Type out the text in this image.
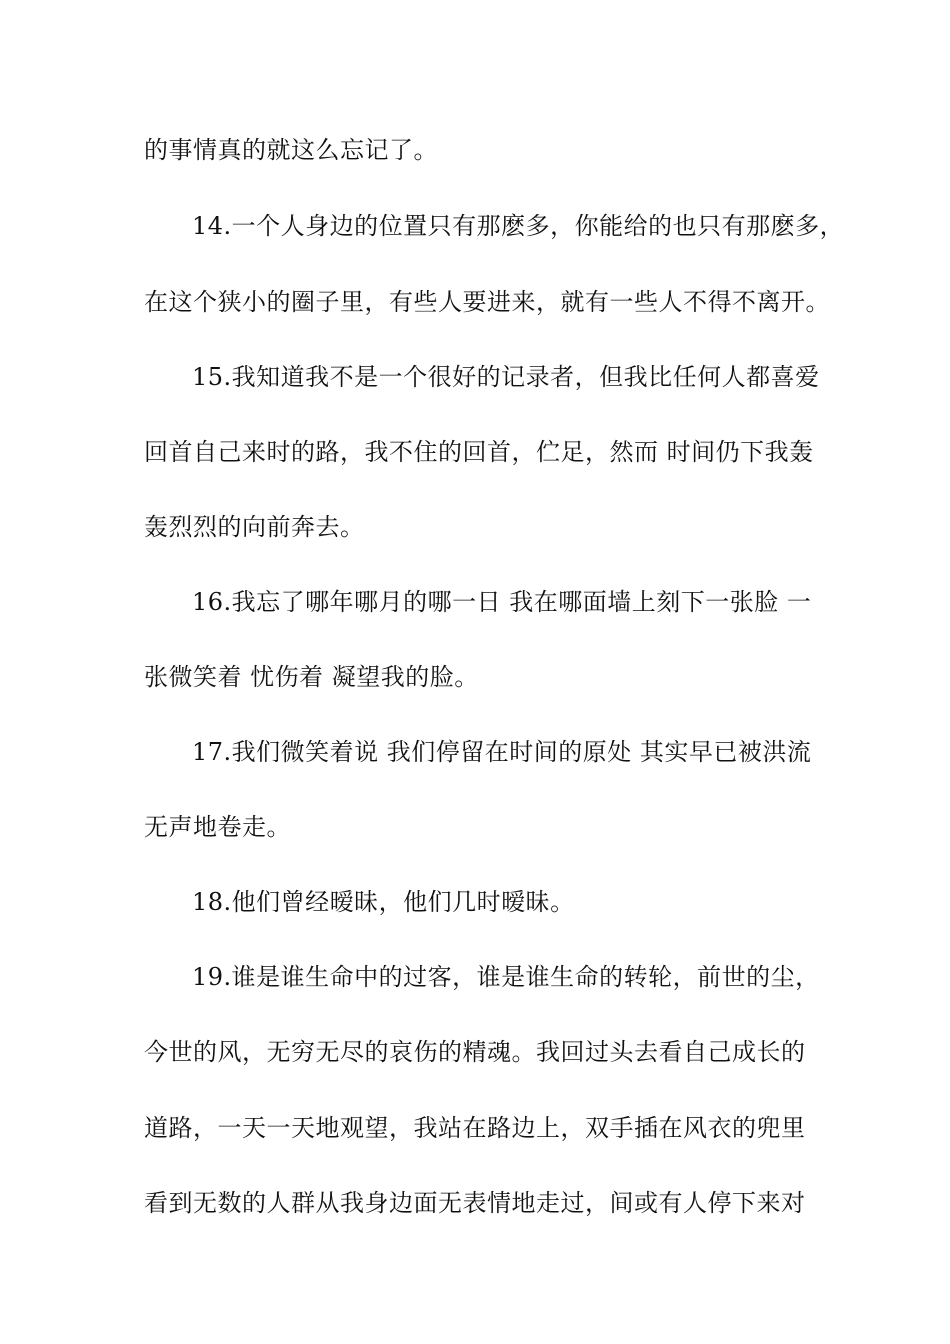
的事情真的就这么忘记了。
14.一个人身边的位置只有那麽多，你能给的也只有那麽多，
在这个狭小的圈子里，有些人要进来，就有一些人不得不离开。
15.我知道我不是一个很好的记录者，但我比任何人都喜爱
回首自己来时的路，我不住的回首，伫足，然而 时间仍下我轰
轰烈烈的向前奔去。
16.我忘了哪年哪月的哪一日 我在哪面墙上刻下一张脸 一
张微笑着 忧伤着 凝望我的脸。
17.我们微笑着说 我们停留在时间的原处 其实早已被洪流
无声地卷走。
18.他们曾经暧昧，他们几时暧昧。
19.谁是谁生命中的过客，谁是谁生命的转轮，前世的尘，
今世的风，无穷无尽的哀伤的精魂。我回过头去看自己成长的
道路，一天一天地观望，我站在路边上，双手插在风衣的兜里
看到无数的人群从我身边面无表情地走过，间或有人停下来对
